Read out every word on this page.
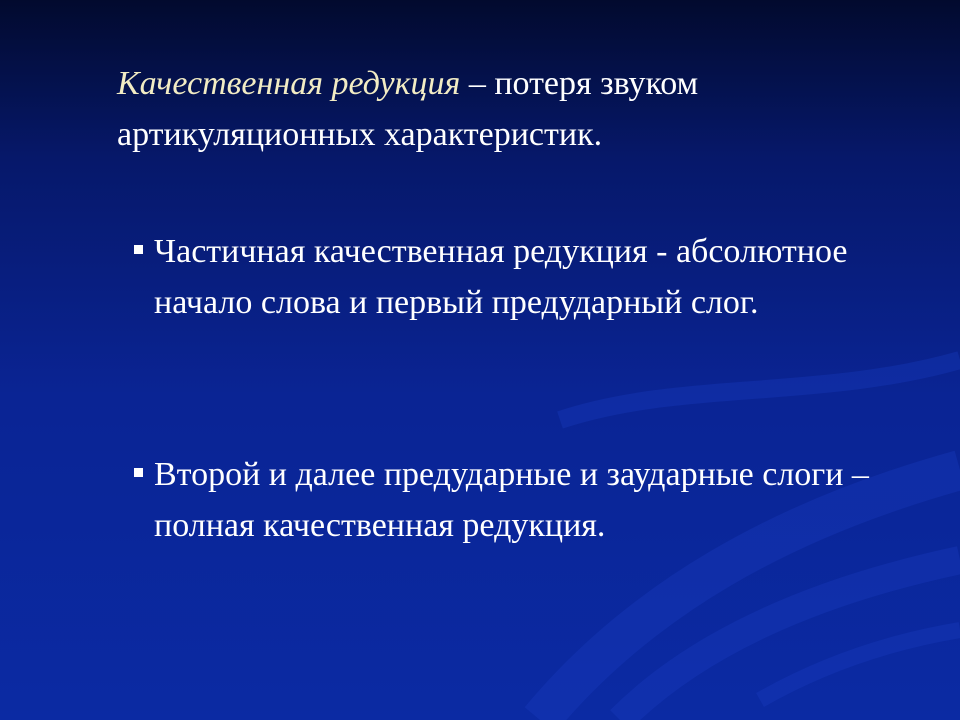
Качественная редукция – потеря звуком артикуляционных характеристик.

Частичная качественная редукция - абсолютное начало слова и первый предударный слог.
Второй и далее предударные и заударные слоги – полная качественная редукция.
